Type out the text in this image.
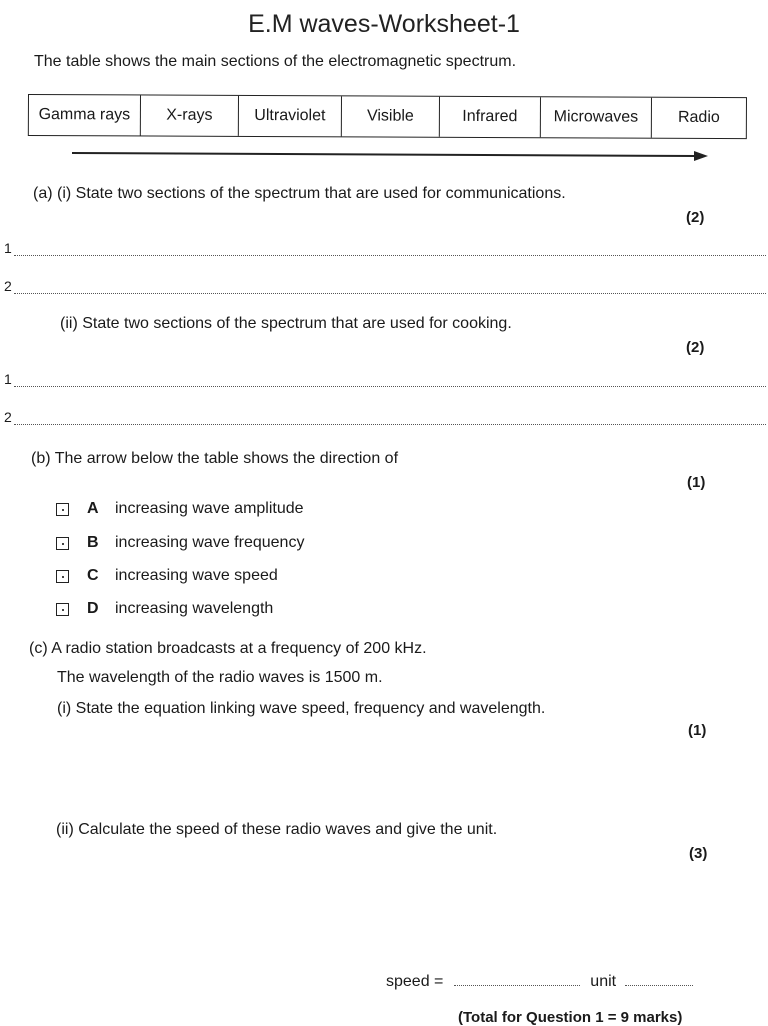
E.M waves-Worksheet-1
The table shows the main sections of the electromagnetic spectrum.
Gamma rays	X-rays	Ultraviolet	Visible	Infrared	Microwaves	Radio
(a) (i) State two sections of the spectrum that are used for communications.
(2)
1
2
(ii) State two sections of the spectrum that are used for cooking.
(2)
1
2
(b) The arrow below the table shows the direction of
(1)
A	increasing wave amplitude
B	increasing wave frequency
C	increasing wave speed
D	increasing wavelength
(c) A radio station broadcasts at a frequency of 200 kHz.
The wavelength of the radio waves is 1500 m.
(i) State the equation linking wave speed, frequency and wavelength.
(1)
(ii) Calculate the speed of these radio waves and give the unit.
(3)
speed =	unit
(Total for Question 1 = 9 marks)
